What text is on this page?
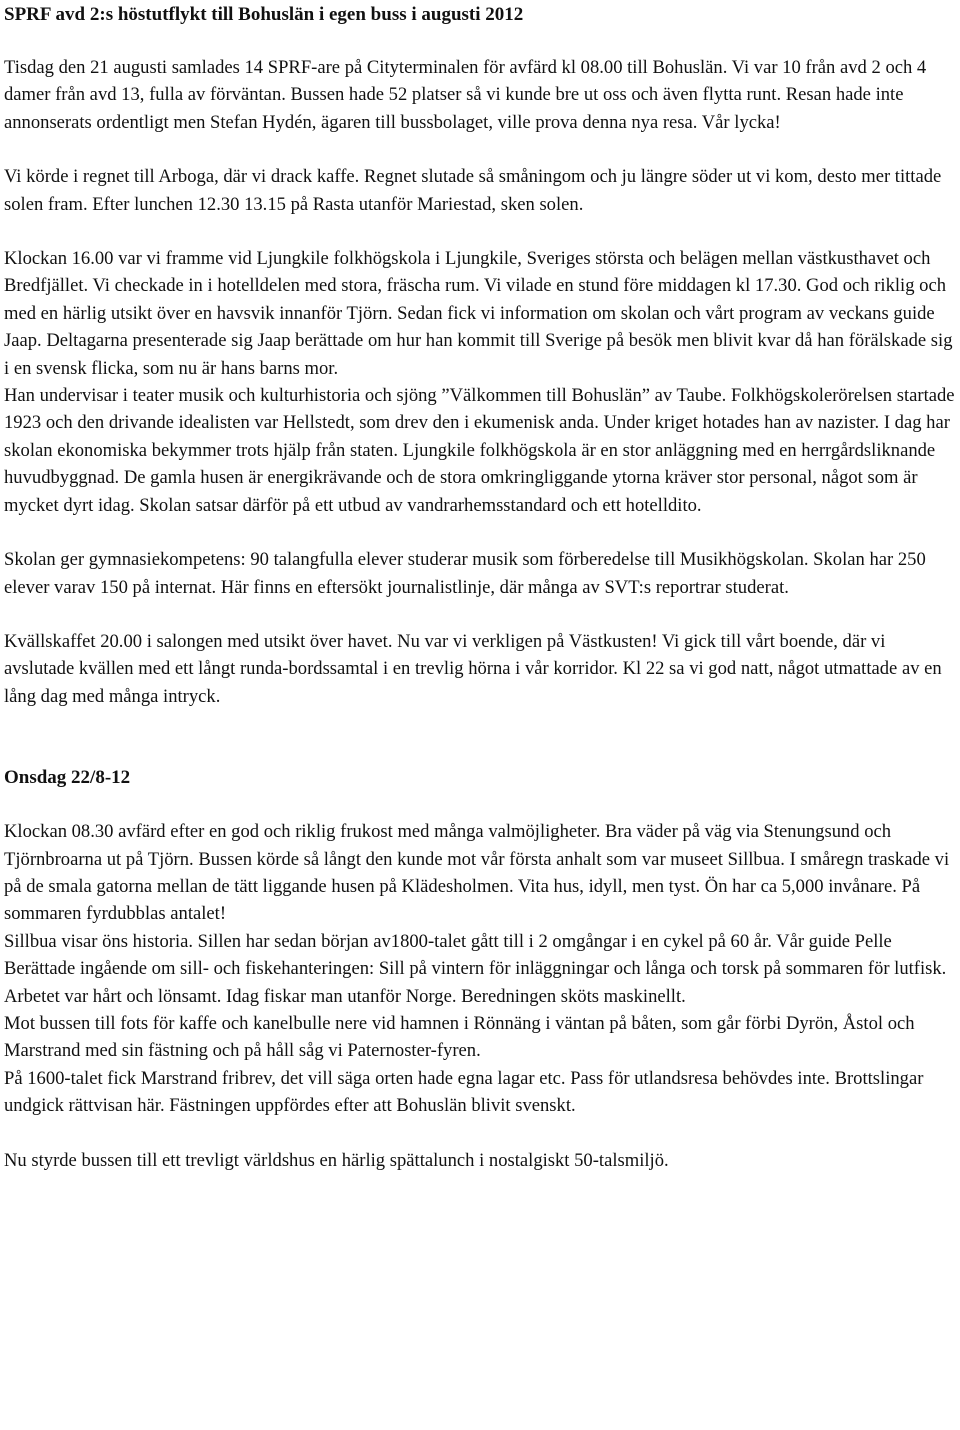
SPRF avd 2:s höstutflykt till Bohuslän i egen buss i augusti 2012

Tisdag den 21 augusti samlades 14 SPRF-are på Cityterminalen för avfärd kl 08.00 till Bohuslän. Vi var 10 från avd 2 och 4 damer från avd 13, fulla av förväntan. Bussen hade 52 platser så vi kunde bre ut oss och även flytta runt. Resan hade inte annonserats ordentligt men Stefan Hydén, ägaren till bussbolaget, ville prova denna nya resa. Vår lycka!

Vi körde i regnet till Arboga, där vi drack kaffe. Regnet slutade så småningom och ju längre söder ut vi kom, desto mer tittade solen fram. Efter lunchen 12.30 13.15 på Rasta utanför Mariestad, sken solen.

Klockan 16.00 var vi framme vid Ljungkile folkhögskola i Ljungkile, Sveriges största och belägen mellan västkusthavet och Bredfjället. Vi checkade in i hotelldelen med stora, fräscha rum. Vi vilade en stund före middagen kl 17.30. God och riklig och med en härlig utsikt över en havsvik innanför Tjörn. Sedan fick vi information om skolan och vårt program av veckans guide Jaap. Deltagarna presenterade sig Jaap berättade om hur han kommit till Sverige på besök men blivit kvar då han förälskade sig i en svensk flicka, som nu är hans barns mor.

Han undervisar i teater musik och kulturhistoria och sjöng ”Välkommen till Bohuslän” av Taube. Folkhögskolerörelsen startade 1923 och den drivande idealisten var Hellstedt, som drev den i ekumenisk anda. Under kriget hotades han av nazister. I dag har skolan ekonomiska bekymmer trots hjälp från staten. Ljungkile folkhögskola är en stor anläggning med en herrgårdsliknande huvudbyggnad. De gamla husen är energikrävande och de stora omkringliggande ytorna kräver stor personal, något som är mycket dyrt idag. Skolan satsar därför på ett utbud av vandrarhemsstandard och ett hotelldito.

Skolan ger gymnasiekompetens: 90 talangfulla elever studerar musik som förberedelse till Musikhögskolan. Skolan har 250 elever varav 150 på internat. Här finns en eftersökt journalistlinje, där många av SVT:s reportrar studerat.

Kvällskaffet 20.00 i salongen med utsikt över havet. Nu var vi verkligen på Västkusten! Vi gick till vårt boende, där vi avslutade kvällen med ett långt runda-bordssamtal i en trevlig hörna i vår korridor. Kl 22 sa vi god natt, något utmattade av en lång dag med många intryck.

Onsdag 22/8-12

Klockan 08.30 avfärd efter en god och riklig frukost med många valmöjligheter. Bra väder på väg via Stenungsund och Tjörnbroarna ut på Tjörn. Bussen körde så långt den kunde mot vår första anhalt som var museet Sillbua. I småregn traskade vi på de smala gatorna mellan de tätt liggande husen på Klädesholmen. Vita hus, idyll, men tyst. Ön har ca 5,000 invånare. På sommaren fyrdubblas antalet!

Sillbua visar öns historia. Sillen har sedan början av1800-talet gått till i 2 omgångar i en cykel på 60 år. Vår guide Pelle Berättade ingående om sill- och fiskehanteringen: Sill på vintern för inläggningar och långa och torsk på sommaren för lutfisk. Arbetet var hårt och lönsamt. Idag fiskar man utanför Norge. Beredningen sköts maskinellt.

Mot bussen till fots för kaffe och kanelbulle nere vid hamnen i Rönnäng i väntan på båten, som går förbi Dyrön, Åstol och Marstrand med sin fästning och på håll såg vi Paternoster-fyren.

På 1600-talet fick Marstrand fribrev, det vill säga orten hade egna lagar etc. Pass för utlandsresa behövdes inte. Brottslingar undgick rättvisan här. Fästningen uppfördes efter att Bohuslän blivit svenskt.

Nu styrde bussen till ett trevligt världshus en härlig spättalunch i nostalgiskt 50-talsmiljö.
